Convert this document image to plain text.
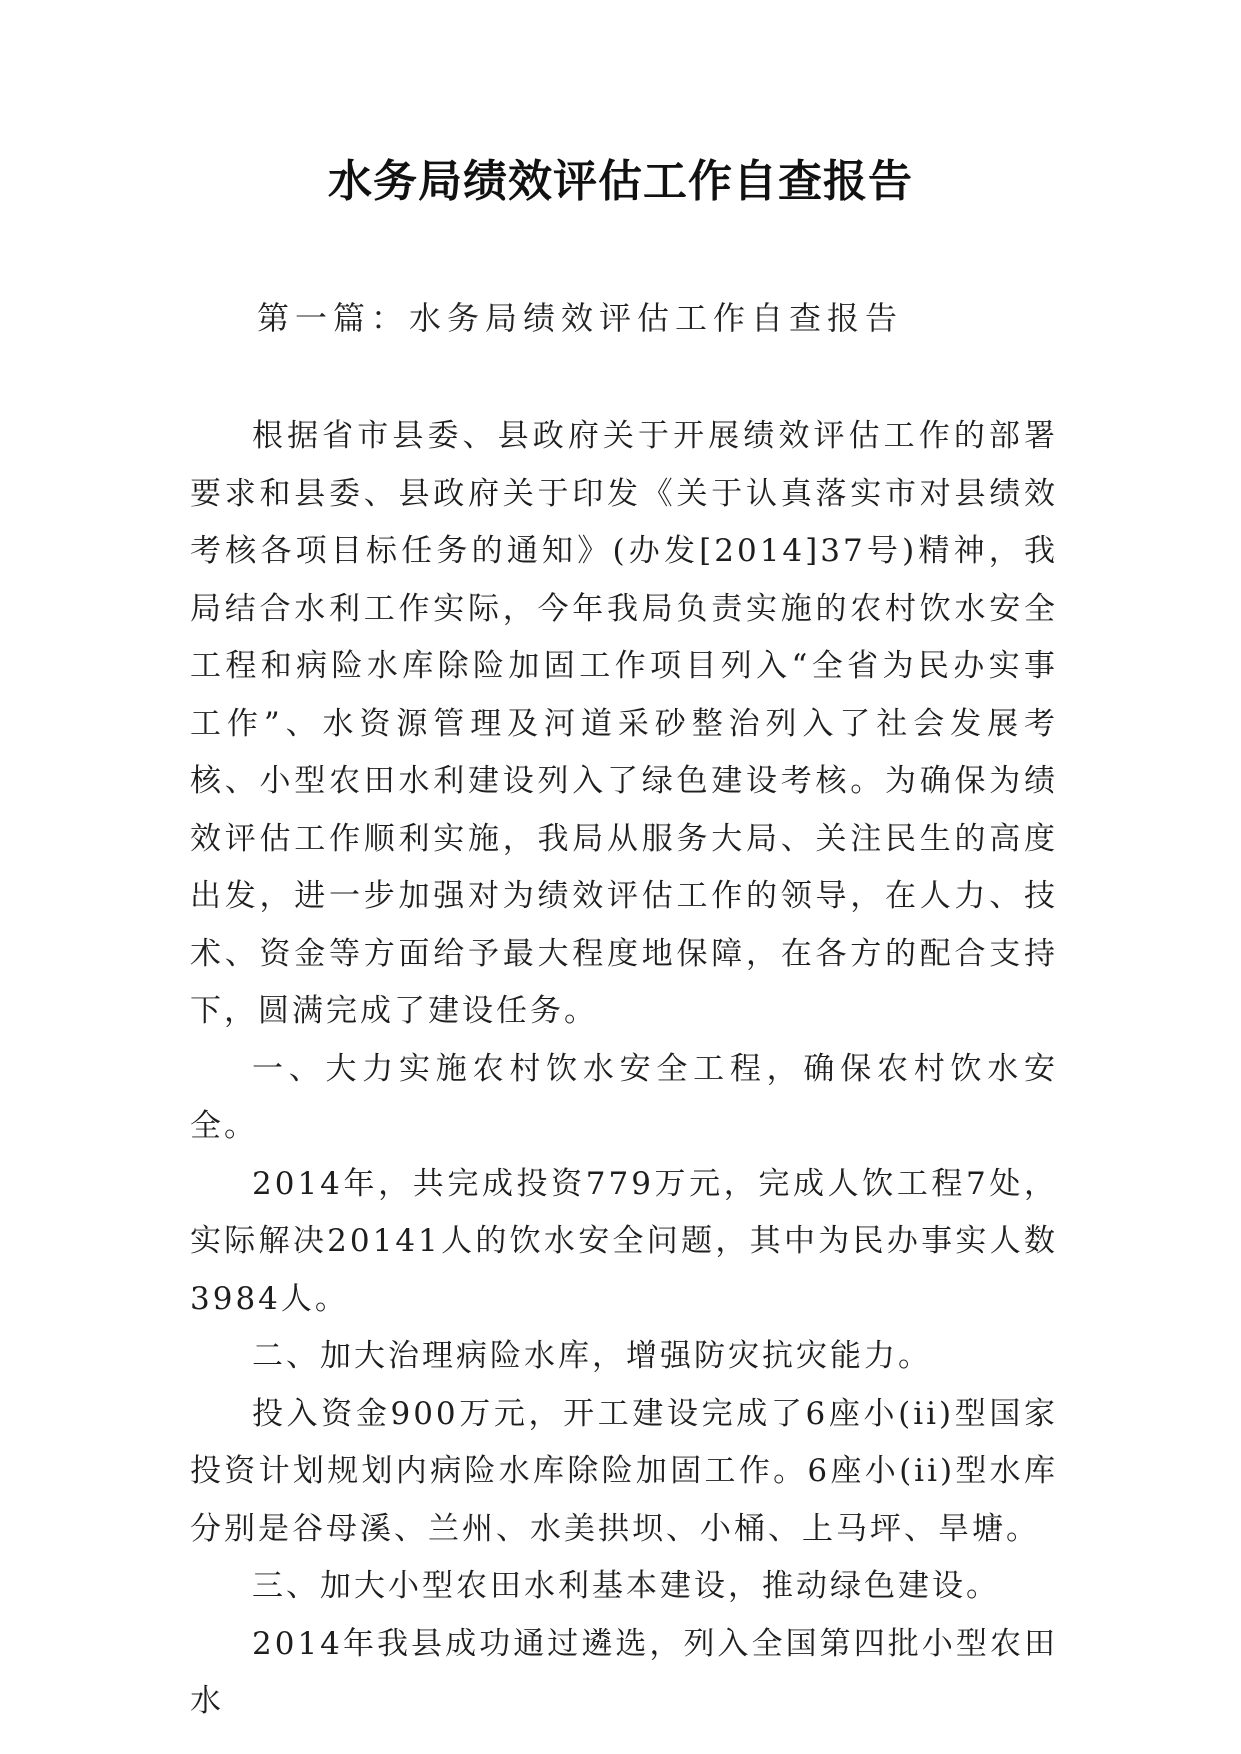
水务局绩效评估工作自查报告
第一篇：水务局绩效评估工作自查报告

根据省市县委、县政府关于开展绩效评估工作的部署要求和县委、县政府关于印发《关于认真落实市对县绩效考核各项目标任务的通知》(办发[2014]37号)精神，我局结合水利工作实际，今年我局负责实施的农村饮水安全工程和病险水库除险加固工作项目列入“全省为民办实事工作”、水资源管理及河道采砂整治列入了社会发展考核、小型农田水利建设列入了绿色建设考核。为确保为绩效评估工作顺利实施，我局从服务大局、关注民生的高度出发，进一步加强对为绩效评估工作的领导，在人力、技术、资金等方面给予最大程度地保障，在各方的配合支持下，圆满完成了建设任务。

一、大力实施农村饮水安全工程，确保农村饮水安全。

2014年，共完成投资779万元，完成人饮工程7处，实际解决20141人的饮水安全问题，其中为民办事实人数3984人。

二、加大治理病险水库，增强防灾抗灾能力。

投入资金900万元，开工建设完成了6座小(ii)型国家投资计划规划内病险水库除险加固工作。6座小(ii)型水库分别是谷母溪、兰州、水美拱坝、小桶、上马坪、旱塘。

三、加大小型农田水利基本建设，推动绿色建设。

2014年我县成功通过遴选，列入全国第四批小型农田水
